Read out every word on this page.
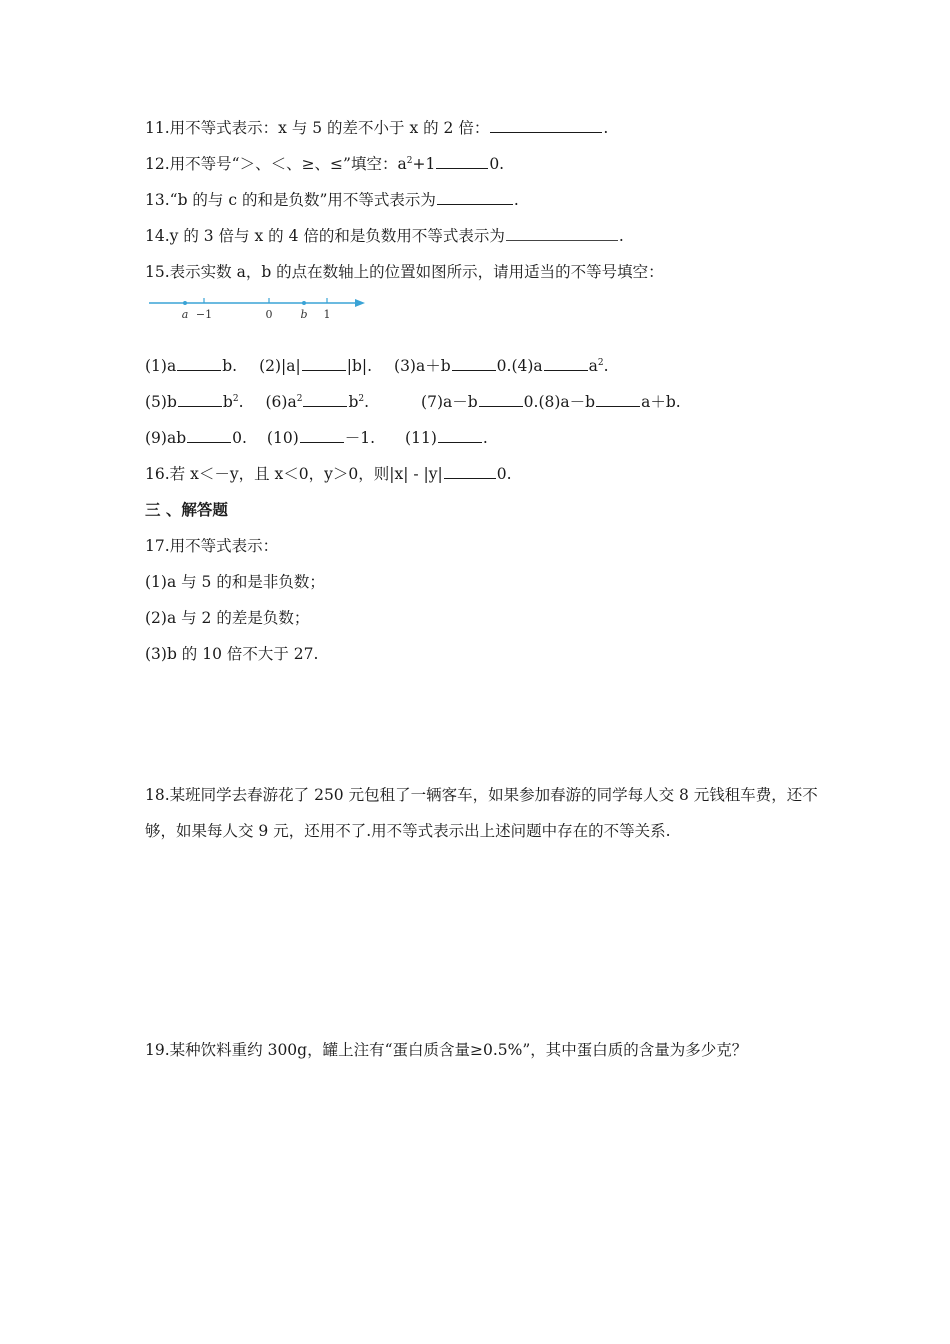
11.用不等式表示：x 与 5 的差不小于 x 的 2 倍：	.
12.用不等号“＞、＜、≥、≤”填空：$a^2+1$	0.
13.“b 的与 c 的和是负数”用不等式表示为	.
14.y 的 3 倍与 x 的 4 倍的和是负数用不等式表示为	.
15.表示实数 a，b 的点在数轴上的位置如图所示，请用适当的不等号填空：
a −1	0	b 1
(1)a	b. (2)|a|	|b|. (3)a＋b	0.(4)a	$a^2$.
(5)b	$b^2$. $(6)a^2$	$b^2$.	(7)a－b	0.(8)a－b	a＋b.
(9)ab	0. (10)	－1. (11)	.
16.若 x＜－y，且 x＜0，y＞0，则|x| - |y|	0.
三 、解答题
17.用不等式表示：
(1)a 与 5 的和是非负数；
(2)a 与 2 的差是负数；
(3)b 的 10 倍不大于 27.
18.某班同学去春游花了 250 元包租了一辆客车，如果参加春游的同学每人交 8 元钱租车费，还不够，如果每人交 9 元，还用不了.用不等式表示出上述问题中存在的不等关系.
19.某种饮料重约 300g，罐上注有“蛋白质含量≥0.5%”，其中蛋白质的含量为多少克？
